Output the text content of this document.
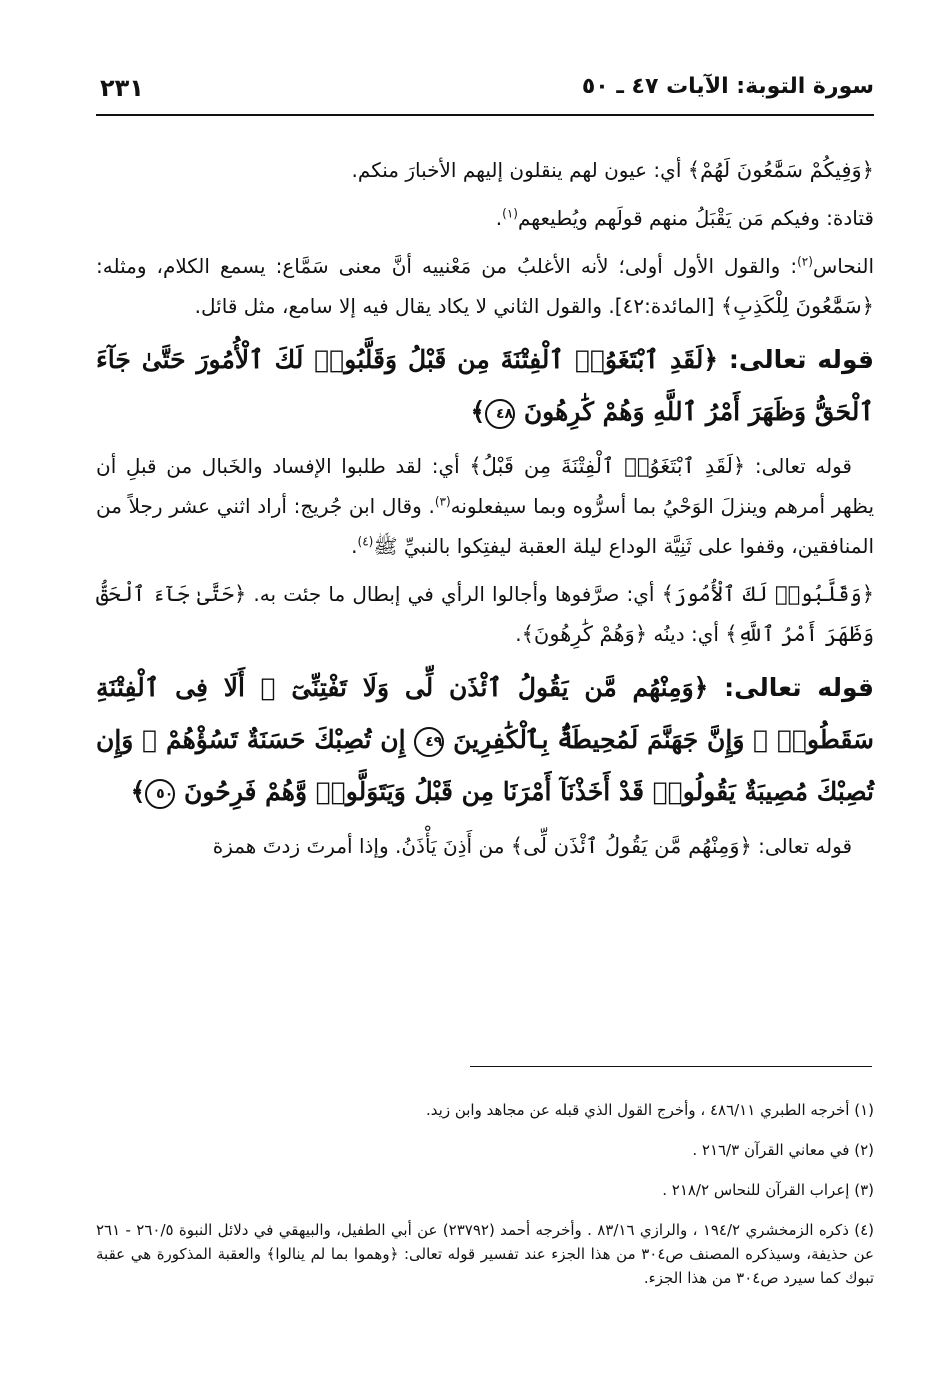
سورة التوبة: الآيات ٤٧ ـ ٥٠
٢٣١

﴿وَفِيكُمْ سَمَّٰعُونَ لَهُمْ﴾ أي: عيون لهم ينقلون إليهم الأخبارَ منكم.

قتادة: وفيكم مَن يَقْبَلُ منهم قولَهم ويُطيعهم$^{(١)}$.

النحاس$^{(٢)}$: والقول الأول أولى؛ لأنه الأغلبُ من مَعْنييه أنَّ معنى سَمَّاع: يسمع الكلام، ومثله: ﴿سَمَّٰعُونَ لِلْكَذِبِ﴾ [المائدة:٤٢]. والقول الثاني لا يكاد يقال فيه إلا سامع، مثل قائل.

قوله تعالى: ﴿لَقَدِ ٱبْتَغَوُا۟ ٱلْفِتْنَةَ مِن قَبْلُ وَقَلَّبُوا۟ لَكَ ٱلْأُمُورَ حَتَّىٰ جَآءَ ٱلْحَقُّ وَظَهَرَ أَمْرُ ٱللَّهِ وَهُمْ كَٰرِهُونَ ٤٨﴾

قوله تعالى: ﴿لَقَدِ ٱبْتَغَوُا۟ ٱلْفِتْنَةَ مِن قَبْلُ﴾ أي: لقد طلبوا الإفساد والخَبال من قبلِ أن يظهر أمرهم وينزلَ الوَحْيُ بما أسرُّوه وبما سيفعلونه$^{(٣)}$. وقال ابن جُريج: أراد اثني عشر رجلاً من المنافقين، وقفوا على ثَنِيَّة الوداع ليلة العقبة ليفتِكوا بالنبيِّ ﷺ$^{(٤)}$.

﴿وَقَلَّبُوا۟ لَكَ ٱلْأُمُورَ﴾ أي: صرَّفوها وأجالوا الرأي في إبطال ما جئت به. ﴿حَتَّىٰ جَآءَ ٱلْحَقُّ وَظَهَرَ أَمْرُ ٱللَّهِ﴾ أي: دينُه ﴿وَهُمْ كَٰرِهُونَ﴾.

قوله تعالى: ﴿وَمِنْهُم مَّن يَقُولُ ٱئْذَن لِّى وَلَا تَفْتِنِّىٓ ۚ أَلَا فِى ٱلْفِتْنَةِ سَقَطُوا۟ ۗ وَإِنَّ جَهَنَّمَ لَمُحِيطَةٌۢ بِٱلْكَٰفِرِينَ ٤٩ إِن تُصِبْكَ حَسَنَةٌ تَسُؤْهُمْ ۖ وَإِن تُصِبْكَ مُصِيبَةٌ يَقُولُوا۟ قَدْ أَخَذْنَآ أَمْرَنَا مِن قَبْلُ وَيَتَوَلَّوا۟ وَّهُمْ فَرِحُونَ ٥٠﴾

قوله تعالى: ﴿وَمِنْهُم مَّن يَقُولُ ٱئْذَن لِّى﴾ من أَذِنَ يَأْذَنُ. وإذا أمرتَ زدتَ همزة

(١) أخرجه الطبري ٤٨٦/١١ ، وأخرج القول الذي قبله عن مجاهد وابن زيد.

(٢) في معاني القرآن ٢١٦/٣ .

(٣) إعراب القرآن للنحاس ٢١٨/٢ .

(٤) ذكره الزمخشري ١٩٤/٢ ، والرازي ٨٣/١٦ . وأخرجه أحمد (٢٣٧٩٢) عن أبي الطفيل، والبيهقي في دلائل النبوة ٢٦٠/٥ - ٢٦١ عن حذيفة، وسيذكره المصنف ص٣٠٤ من هذا الجزء عند تفسير قوله تعالى: ﴿وهموا بما لم ينالوا﴾ والعقبة المذكورة هي عقبة تبوك كما سيرد ص٣٠٤ من هذا الجزء.
